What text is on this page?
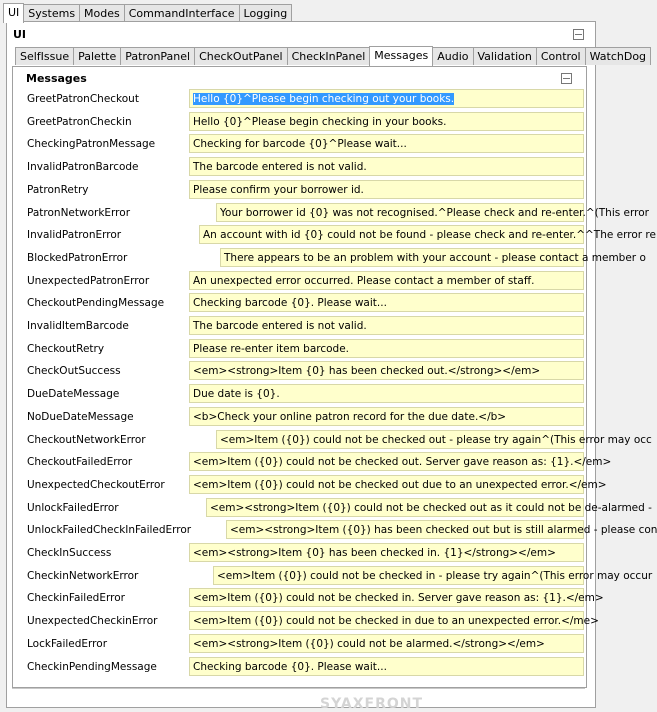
UI Systems Modes CommandInterface Logging
UI
SelfIssue Palette PatronPanel CheckOutPanel CheckInPanel Messages Audio Validation Control WatchDog
Messages
GreetPatronCheckout	Hello {0}^Please begin checking out your books.
GreetPatronCheckin	Hello {0}^Please begin checking in your books.
CheckingPatronMessage	Checking for barcode {0}^Please wait...
InvalidPatronBarcode	The barcode entered is not valid.
PatronRetry	Please confirm your borrower id.
PatronNetworkError	Your borrower id {0} was not recognised.^Please check and re-enter.^(This error
InvalidPatronError	An account with id {0} could not be found - please check and re-enter.^^The error re
BlockedPatronError	There appears to be an problem with your account - please contact a member o
UnexpectedPatronError	An unexpected error occurred. Please contact a member of staff.
CheckoutPendingMessage	Checking barcode {0}. Please wait...
InvalidItemBarcode	The barcode entered is not valid.
CheckoutRetry	Please re-enter item barcode.
CheckOutSuccess	<em><strong>Item {0} has been checked out.</strong></em>
DueDateMessage	Due date is {0}.
NoDueDateMessage	<b>Check your online patron record for the due date.</b>
CheckoutNetworkError	<em>Item ({0}) could not be checked out - please try again^(This error may occ
CheckoutFailedError	<em>Item ({0}) could not be checked out. Server gave reason as: {1}.</em>
UnexpectedCheckoutError	<em>Item ({0}) could not be checked out due to an unexpected error.</em>
UnlockFailedError	<em><strong>Item ({0}) could not be checked out as it could not be de-alarmed -
UnlockFailedCheckInFailedError	<em><strong>Item ({0}) has been checked out but is still alarmed - please con
CheckInSuccess	<em><strong>Item {0} has been checked in. {1}</strong></em>
CheckinNetworkError	<em>Item ({0}) could not be checked in - please try again^(This error may occur
CheckinFailedError	<em>Item ({0}) could not be checked in. Server gave reason as: {1}.</em>
UnexpectedCheckinError	<em>Item ({0}) could not be checked in due to an unexpected error.</me>
LockFailedError	<em><strong>Item ({0}) could not be alarmed.</strong></em>
CheckinPendingMessage	Checking barcode {0}. Please wait...
SYAXFRONT
